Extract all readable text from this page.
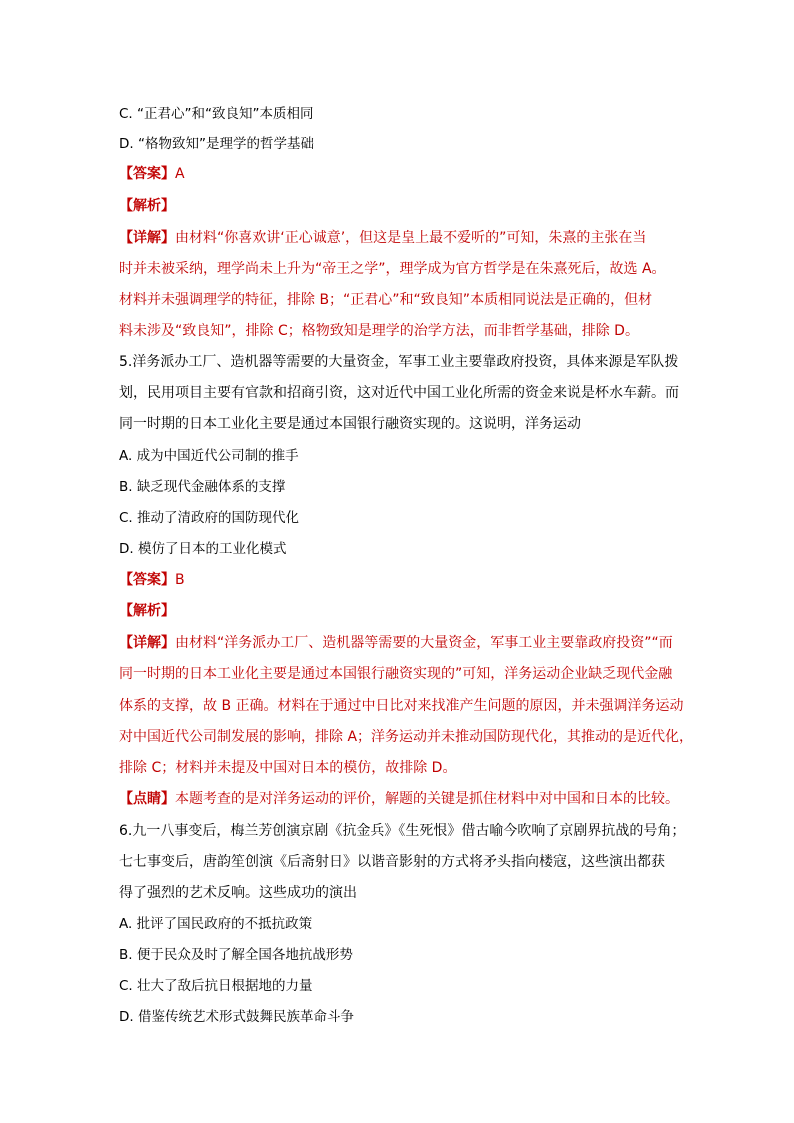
C. “正君心”和“致良知”本质相同
D. “格物致知”是理学的哲学基础
【答案】A
【解析】
【详解】由材料“你喜欢讲‘正心诚意’，但这是皇上最不爱听的”可知，朱熹的主张在当
时并未被采纳，理学尚未上升为“帝王之学”，理学成为官方哲学是在朱熹死后，故选 A。
材料并未强调理学的特征，排除 B；“正君心”和“致良知”本质相同说法是正确的，但材
料未涉及“致良知”，排除 C；格物致知是理学的治学方法，而非哲学基础，排除 D。
5.洋务派办工厂、造机器等需要的大量资金，军事工业主要靠政府投资，具体来源是军队拨
划，民用项目主要有官款和招商引资，这对近代中国工业化所需的资金来说是杯水车薪。而
同一时期的日本工业化主要是通过本国银行融资实现的。这说明，洋务运动
A. 成为中国近代公司制的推手
B. 缺乏现代金融体系的支撑
C. 推动了清政府的国防现代化
D. 模仿了日本的工业化模式
【答案】B
【解析】
【详解】由材料“洋务派办工厂、造机器等需要的大量资金，军事工业主要靠政府投资”“而
同一时期的日本工业化主要是通过本国银行融资实现的”可知，洋务运动企业缺乏现代金融
体系的支撑，故 B 正确。材料在于通过中日比对来找准产生问题的原因，并未强调洋务运动
对中国近代公司制发展的影响，排除 A；洋务运动并未推动国防现代化，其推动的是近代化，
排除 C；材料并未提及中国对日本的模仿，故排除 D。
【点睛】本题考查的是对洋务运动的评价，解题的关键是抓住材料中对中国和日本的比较。
6.九一八事变后，梅兰芳创演京剧《抗金兵》《生死恨》借古喻今吹响了京剧界抗战的号角；
七七事变后，唐韵笙创演《后斋射日》以谐音影射的方式将矛头指向楼寇，这些演出都获
得了强烈的艺术反响。这些成功的演出
A. 批评了国民政府的不抵抗政策
B. 便于民众及时了解全国各地抗战形势
C. 壮大了敌后抗日根据地的力量
D. 借鉴传统艺术形式鼓舞民族革命斗争
